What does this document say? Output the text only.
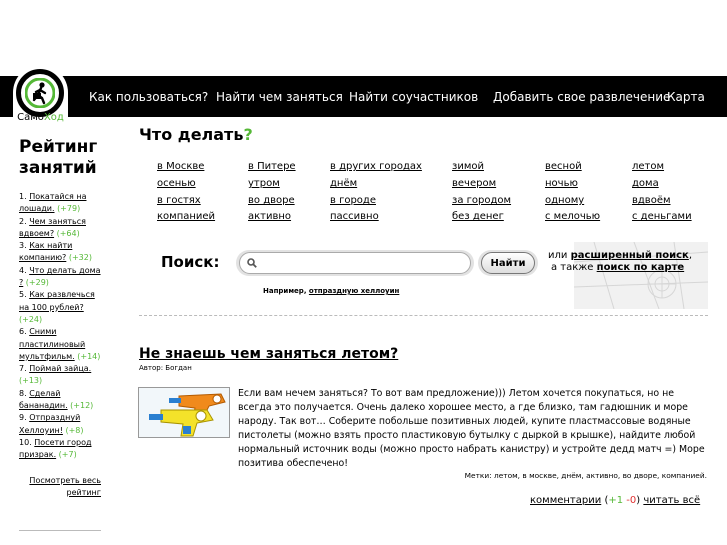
Как пользоваться? Найти чем заняться Найти соучастников Добавить свое развлечение
Карта
СамоХод
Рейтинг
занятий
1. Покатайся на лошади. (+79)
2. Чем заняться вдвоем? (+64)
3. Как найти компанию? (+32)
4. Что делать дома ? (+29)
5. Как развлечься на 100 рублей? (+24)
6. Сними пластилиновый мультфильм. (+14)
7. Поймай зайца. (+13)
8. Сделай бананадин. (+12)
9. Отпразднуй Хеллоуин! (+8)
10. Посети город призрак. (+7)
Посмотреть весь рейтинг
Что делать?
в Москве	в Питере	в других городах	зимой	весной	летом
осенью	утром	днём	вечером	ночью	дома
в гостях	во дворе	в городе	за городом	одному	вдвоём
компанией	активно	пассивно	без денег	с мелочью	с деньгами
Поиск:	Найти
или расширенный поиск,
а также поиск по карте
Например, отпраздную хеллоуин
Не знаешь чем заняться летом?
Автор: Богдан
Если вам нечем заняться? То вот вам предложение))) Летом хочется покупаться, но не всегда это получается. Очень далеко хорошее место, а где близко, там гадюшник и море народу. Так вот… Соберите побольше позитивных людей, купите пластмассовые водяные пистолеты (можно взять просто пластиковую бутылку с дыркой в крышке), найдите любой нормальный источник воды (можно просто набрать канистру) и устройте дедд матч =) Море позитива обеспечено!
Метки: летом, в москве, днём, активно, во дворе, компанией.
комментарии (+1 -0) читать всё
